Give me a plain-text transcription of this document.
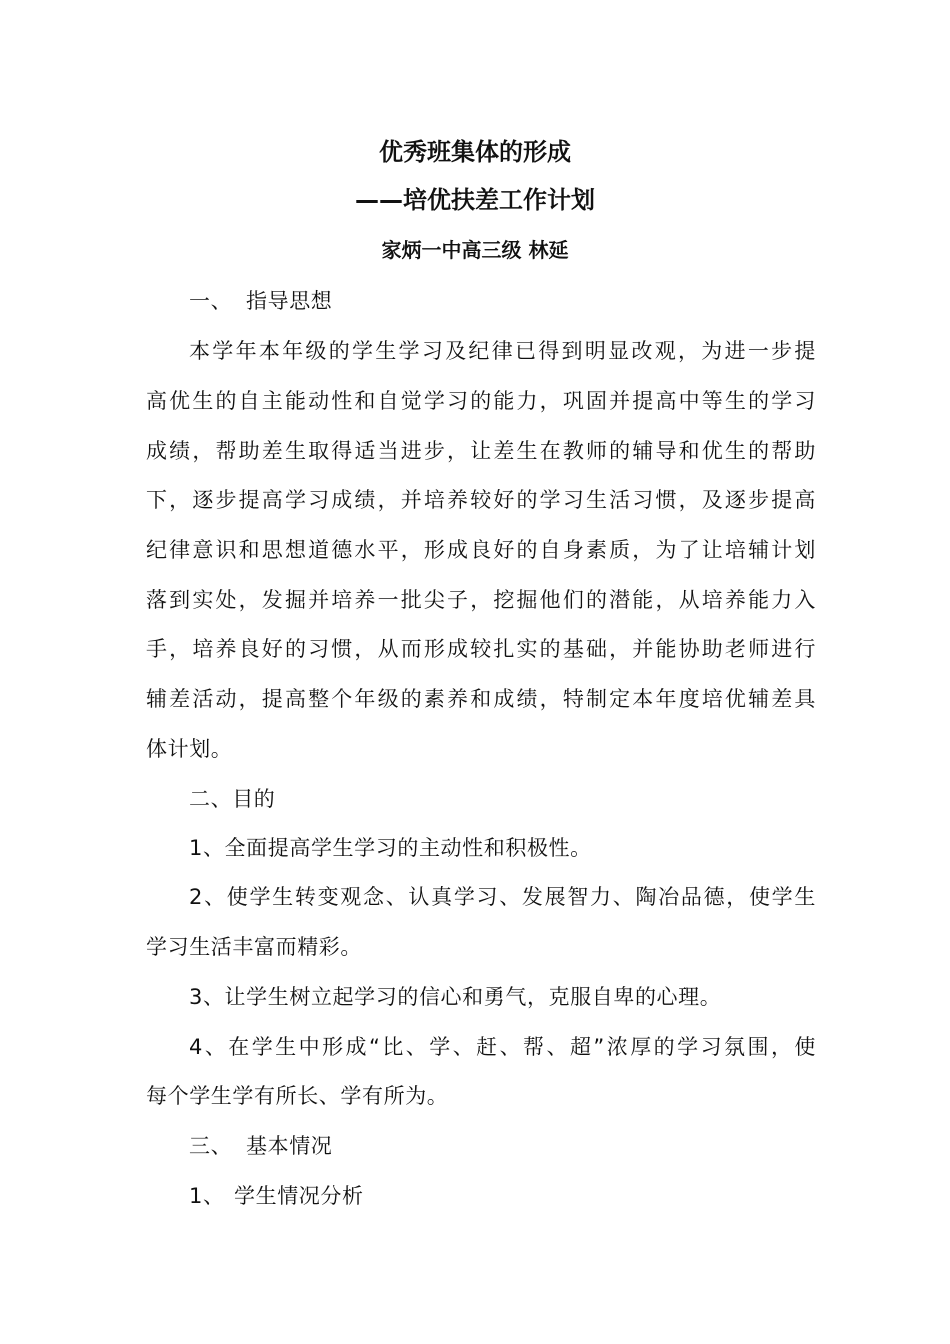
优秀班集体的形成
——培优扶差工作计划
家炳一中高三级 林延
一、 指导思想
本学年本年级的学生学习及纪律已得到明显改观，为进一步提
高优生的自主能动性和自觉学习的能力，巩固并提高中等生的学习
成绩，帮助差生取得适当进步，让差生在教师的辅导和优生的帮助
下，逐步提高学习成绩，并培养较好的学习生活习惯，及逐步提高
纪律意识和思想道德水平，形成良好的自身素质，为了让培辅计划
落到实处，发掘并培养一批尖子，挖掘他们的潜能，从培养能力入
手，培养良好的习惯，从而形成较扎实的基础，并能协助老师进行
辅差活动，提高整个年级的素养和成绩，特制定本年度培优辅差具
体计划。
二、目的
1、全面提高学生学习的主动性和积极性。
2、使学生转变观念、认真学习、发展智力、陶冶品德，使学生
学习生活丰富而精彩。
3、让学生树立起学习的信心和勇气，克服自卑的心理。
4、在学生中形成“比、学、赶、帮、超”浓厚的学习氛围，使
每个学生学有所长、学有所为。
三、 基本情况
1、 学生情况分析
